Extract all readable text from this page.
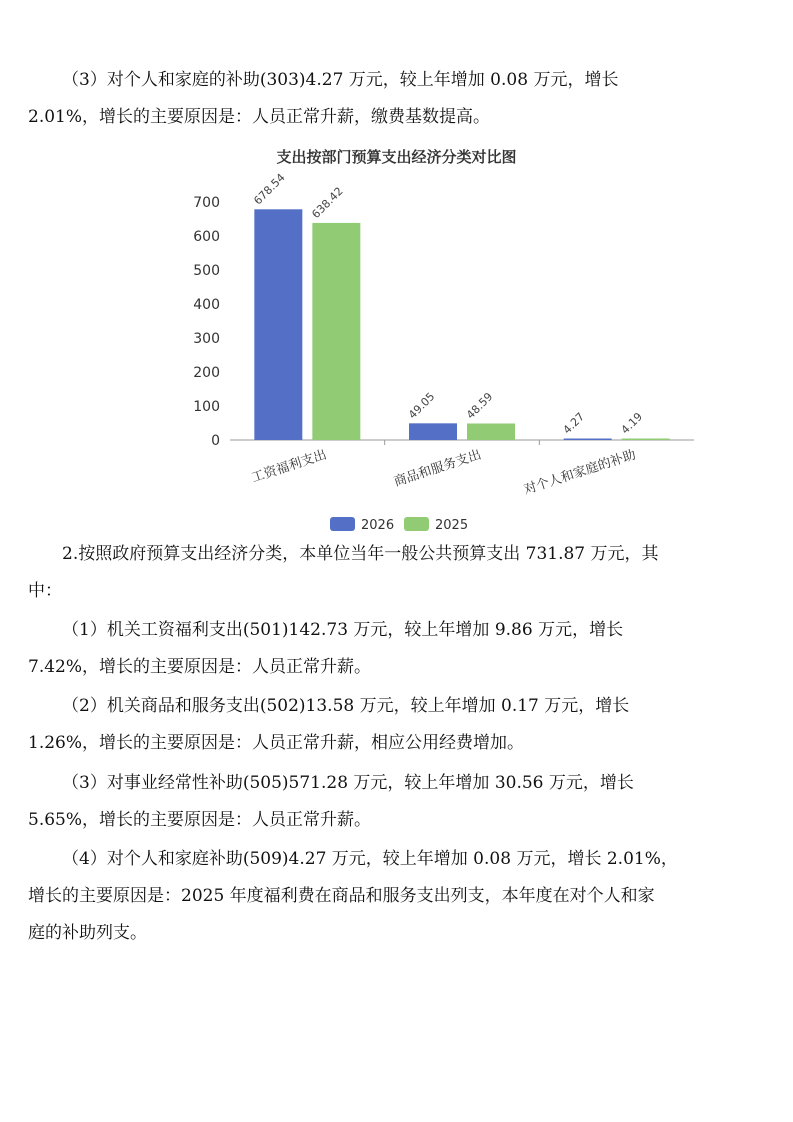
（3）对个人和家庭的补助(303)4.27 万元，较上年增加 0.08 万元，增长
2.01%，增长的主要原因是：人员正常升薪，缴费基数提高。
支出按部门预算支出经济分类对比图
0
100
200
300
400
500
600
700	678.54 638.42
工资福利支出
49.05 48.59
商品和服务支出
4.27	4.19
对个人和家庭的补助
2026	2025
2.按照政府预算支出经济分类，本单位当年一般公共预算支出 731.87 万元，其
中：
（1）机关工资福利支出(501)142.73 万元，较上年增加 9.86 万元，增长
7.42%，增长的主要原因是：人员正常升薪。
（2）机关商品和服务支出(502)13.58 万元，较上年增加 0.17 万元，增长
1.26%，增长的主要原因是：人员正常升薪，相应公用经费增加。
（3）对事业经常性补助(505)571.28 万元，较上年增加 30.56 万元，增长
5.65%，增长的主要原因是：人员正常升薪。
（4）对个人和家庭补助(509)4.27 万元，较上年增加 0.08 万元，增长 2.01%，
增长的主要原因是：2025 年度福利费在商品和服务支出列支，本年度在对个人和家
庭的补助列支。
